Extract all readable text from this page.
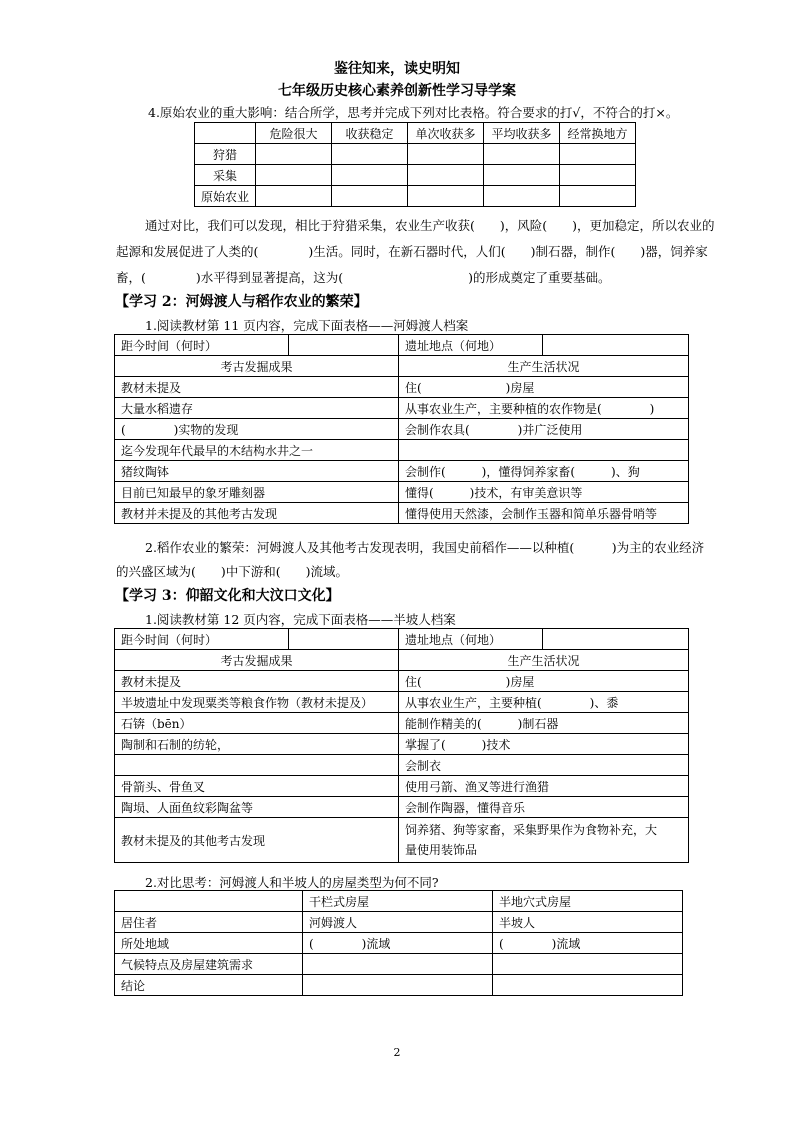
鉴往知来，读史明知
七年级历史核心素养创新性学习导学案
4.原始农业的重大影响：结合所学，思考并完成下列对比表格。符合要求的打√，不符合的打×。
	危险很大	收获稳定	单次收获多	平均收获多	经常换地方
狩猎					
采集					
原始农业					
通过对比，我们可以发现，相比于狩猎采集，农业生产收获(　　)，风险(　　)，更加稳定，所以农业的
起源和发展促进了人类的(　　　　)生活。同时，在新石器时代，人们(　　)制石器，制作(　　)器，饲养家
畜，(　　　　)水平得到显著提高，这为(　　　　　　　　　　)的形成奠定了重要基础。
【学习 2：河姆渡人与稻作农业的繁荣】
1.阅读教材第 11 页内容，完成下面表格——河姆渡人档案
距今时间（何时）		遗址地点（何地）	
考古发掘成果		生产生活状况	
教材未提及		住(　　　　　　　)房屋	
大量水稻遗存		从事农业生产，主要种植的农作物是(　　　　)	
(　　　　)实物的发现		会制作农具(　　　　)并广泛使用	
迄今发现年代最早的木结构水井之一			
猪纹陶钵		会制作(　　　)，懂得饲养家畜(　　　)、狗	
目前已知最早的象牙雕刻器		懂得(　　　)技术，有审美意识等	
教材并未提及的其他考古发现		懂得使用天然漆，会制作玉器和简单乐器骨哨等	
2.稻作农业的繁荣：河姆渡人及其他考古发现表明，我国史前稻作——以种植(　　　)为主的农业经济
的兴盛区域为(　　)中下游和(　　)流域。
【学习 3：仰韶文化和大汶口文化】
1.阅读教材第 12 页内容，完成下面表格——半坡人档案
距今时间（何时）		遗址地点（何地）	
考古发掘成果		生产生活状况	
教材未提及		住(　　　　　　　)房屋	
半坡遗址中发现粟类等粮食作物（教材未提及）		从事农业生产，主要种植(　　　　)、黍	
石锛（bēn）		能制作精美的(　　　)制石器	
陶制和石制的纺轮，		掌握了(　　　)技术	
		会制衣	
骨箭头、骨鱼叉		使用弓箭、渔叉等进行渔猎	
陶埙、人面鱼纹彩陶盆等		会制作陶器，懂得音乐	
教材未提及的其他考古发现		饲养猪、狗等家畜，采集野果作为食物补充，大
量使用装饰品	
2.对比思考：河姆渡人和半坡人的房屋类型为何不同?
	干栏式房屋	半地穴式房屋
居住者	河姆渡人	半坡人
所处地域	(　　　　)流域	(　　　　)流域
气候特点及房屋建筑需求		
结论		
2
